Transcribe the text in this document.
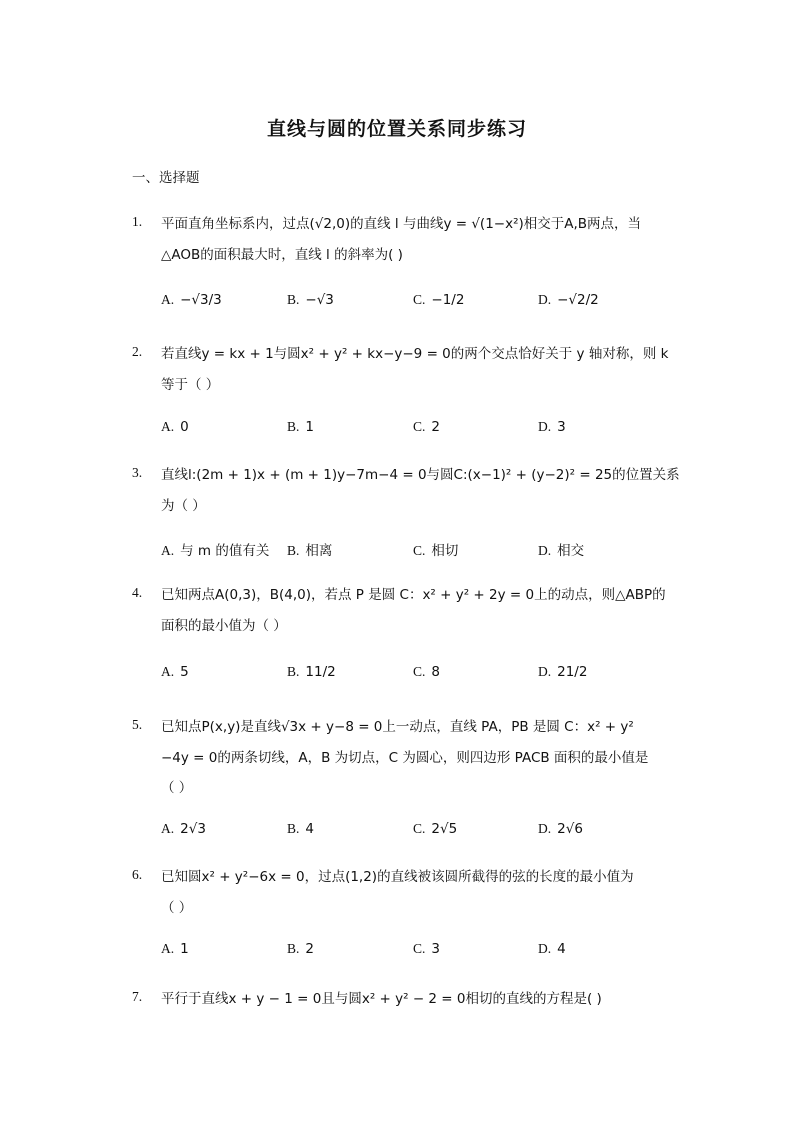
直线与圆的位置关系同步练习
一、选择题
1. 平面直角坐标系内，过点(√2,0)的直线 l 与曲线y = √(1−x²)相交于A,B两点，当
△AOB的面积最大时，直线 l 的斜率为( )
A. −√3/3	B. −√3	C. −1/2	D. −√2/2
2. 若直线y = kx + 1与圆x² + y² + kx−y−9 = 0的两个交点恰好关于 y 轴对称，则 k
等于（ ）
A. 0	B. 1	C. 2	D. 3
3. 直线l:(2m + 1)x + (m + 1)y−7m−4 = 0与圆C:(x−1)² + (y−2)² = 25的位置关系
为（ ）
A. 与 m 的值有关 B. 相离	C. 相切	D. 相交
4. 已知两点A(0,3)，B(4,0)，若点 P 是圆 C：x² + y² + 2y = 0上的动点，则△ABP的
面积的最小值为（ ）
A. 5	B. 11/2	C. 8	D. 21/2
5. 已知点P(x,y)是直线√3x + y−8 = 0上一动点，直线 PA，PB 是圆 C：x² + y²
−4y = 0的两条切线，A，B 为切点，C 为圆心，则四边形 PACB 面积的最小值是
（ ）
A. 2√3	B. 4	C. 2√5	D. 2√6
6. 已知圆x² + y²−6x = 0，过点(1,2)的直线被该圆所截得的弦的长度的最小值为
（ ）
A. 1	B. 2	C. 3	D. 4
7. 平行于直线x + y − 1 = 0且与圆x² + y² − 2 = 0相切的直线的方程是( )
